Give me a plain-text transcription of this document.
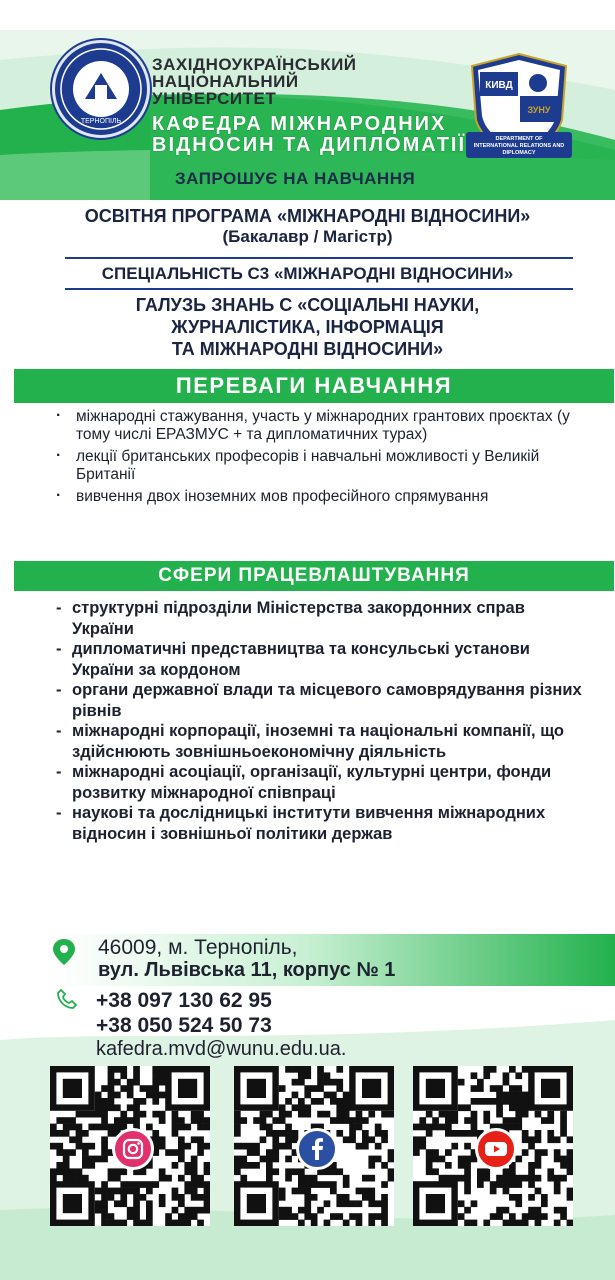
ТЕРНОПІЛЬ
ЗАХІДНОУКРАЇНСЬКИЙ
НАЦІОНАЛЬНИЙ
УНІВЕРСИТЕТ
КАФЕДРА МІЖНАРОДНИХ
ВІДНОСИН ТА ДИПЛОМАТІЇ
ЗАПРОШУЄ НА НАВЧАННЯ
КИВД
ЗУНУ
DEPARTMENT OF
INTERNATIONAL RELATIONS AND
DIPLOMACY
ОСВІТНЯ ПРОГРАМА «МІЖНАРОДНІ ВІДНОСИНИ»
(Бакалавр / Магістр)
СПЕЦІАЛЬНІСТЬ С3 «МІЖНАРОДНІ ВІДНОСИНИ»
ГАЛУЗЬ ЗНАНЬ С «СОЦІАЛЬНІ НАУКИ,
ЖУРНАЛІСТИКА, ІНФОРМАЦІЯ
ТА МІЖНАРОДНІ ВІДНОСИНИ»
ПЕРЕВАГИ НАВЧАННЯ
· міжнародні стажування, участь у міжнародних грантових проєктах (у тому числі ЕРАЗМУС + та дипломатичних турах)
· лекції британських професорів і навчальні можливості у Великій Британії
· вивчення двох іноземних мов професійного спрямування
СФЕРИ ПРАЦЕВЛАШТУВАННЯ
- структурні підрозділи Міністерства закордонних справ України
- дипломатичні представництва та консульські установи України за кордоном
- органи державної влади та місцевого самоврядування різних рівнів
- міжнародні корпорації, іноземні та національні компанії, що здійснюють зовнішньоекономічну діяльність
- міжнародні асоціації, організації, культурні центри, фонди розвитку міжнародної співпраці
- наукові та дослідницькі інститути вивчення міжнародних відносин і зовнішньої політики держав
46009, м. Тернопіль,
вул. Львівська 11, корпус № 1
+38 097 130 62 95
+38 050 524 50 73
kafedra.mvd@wunu.edu.ua.
